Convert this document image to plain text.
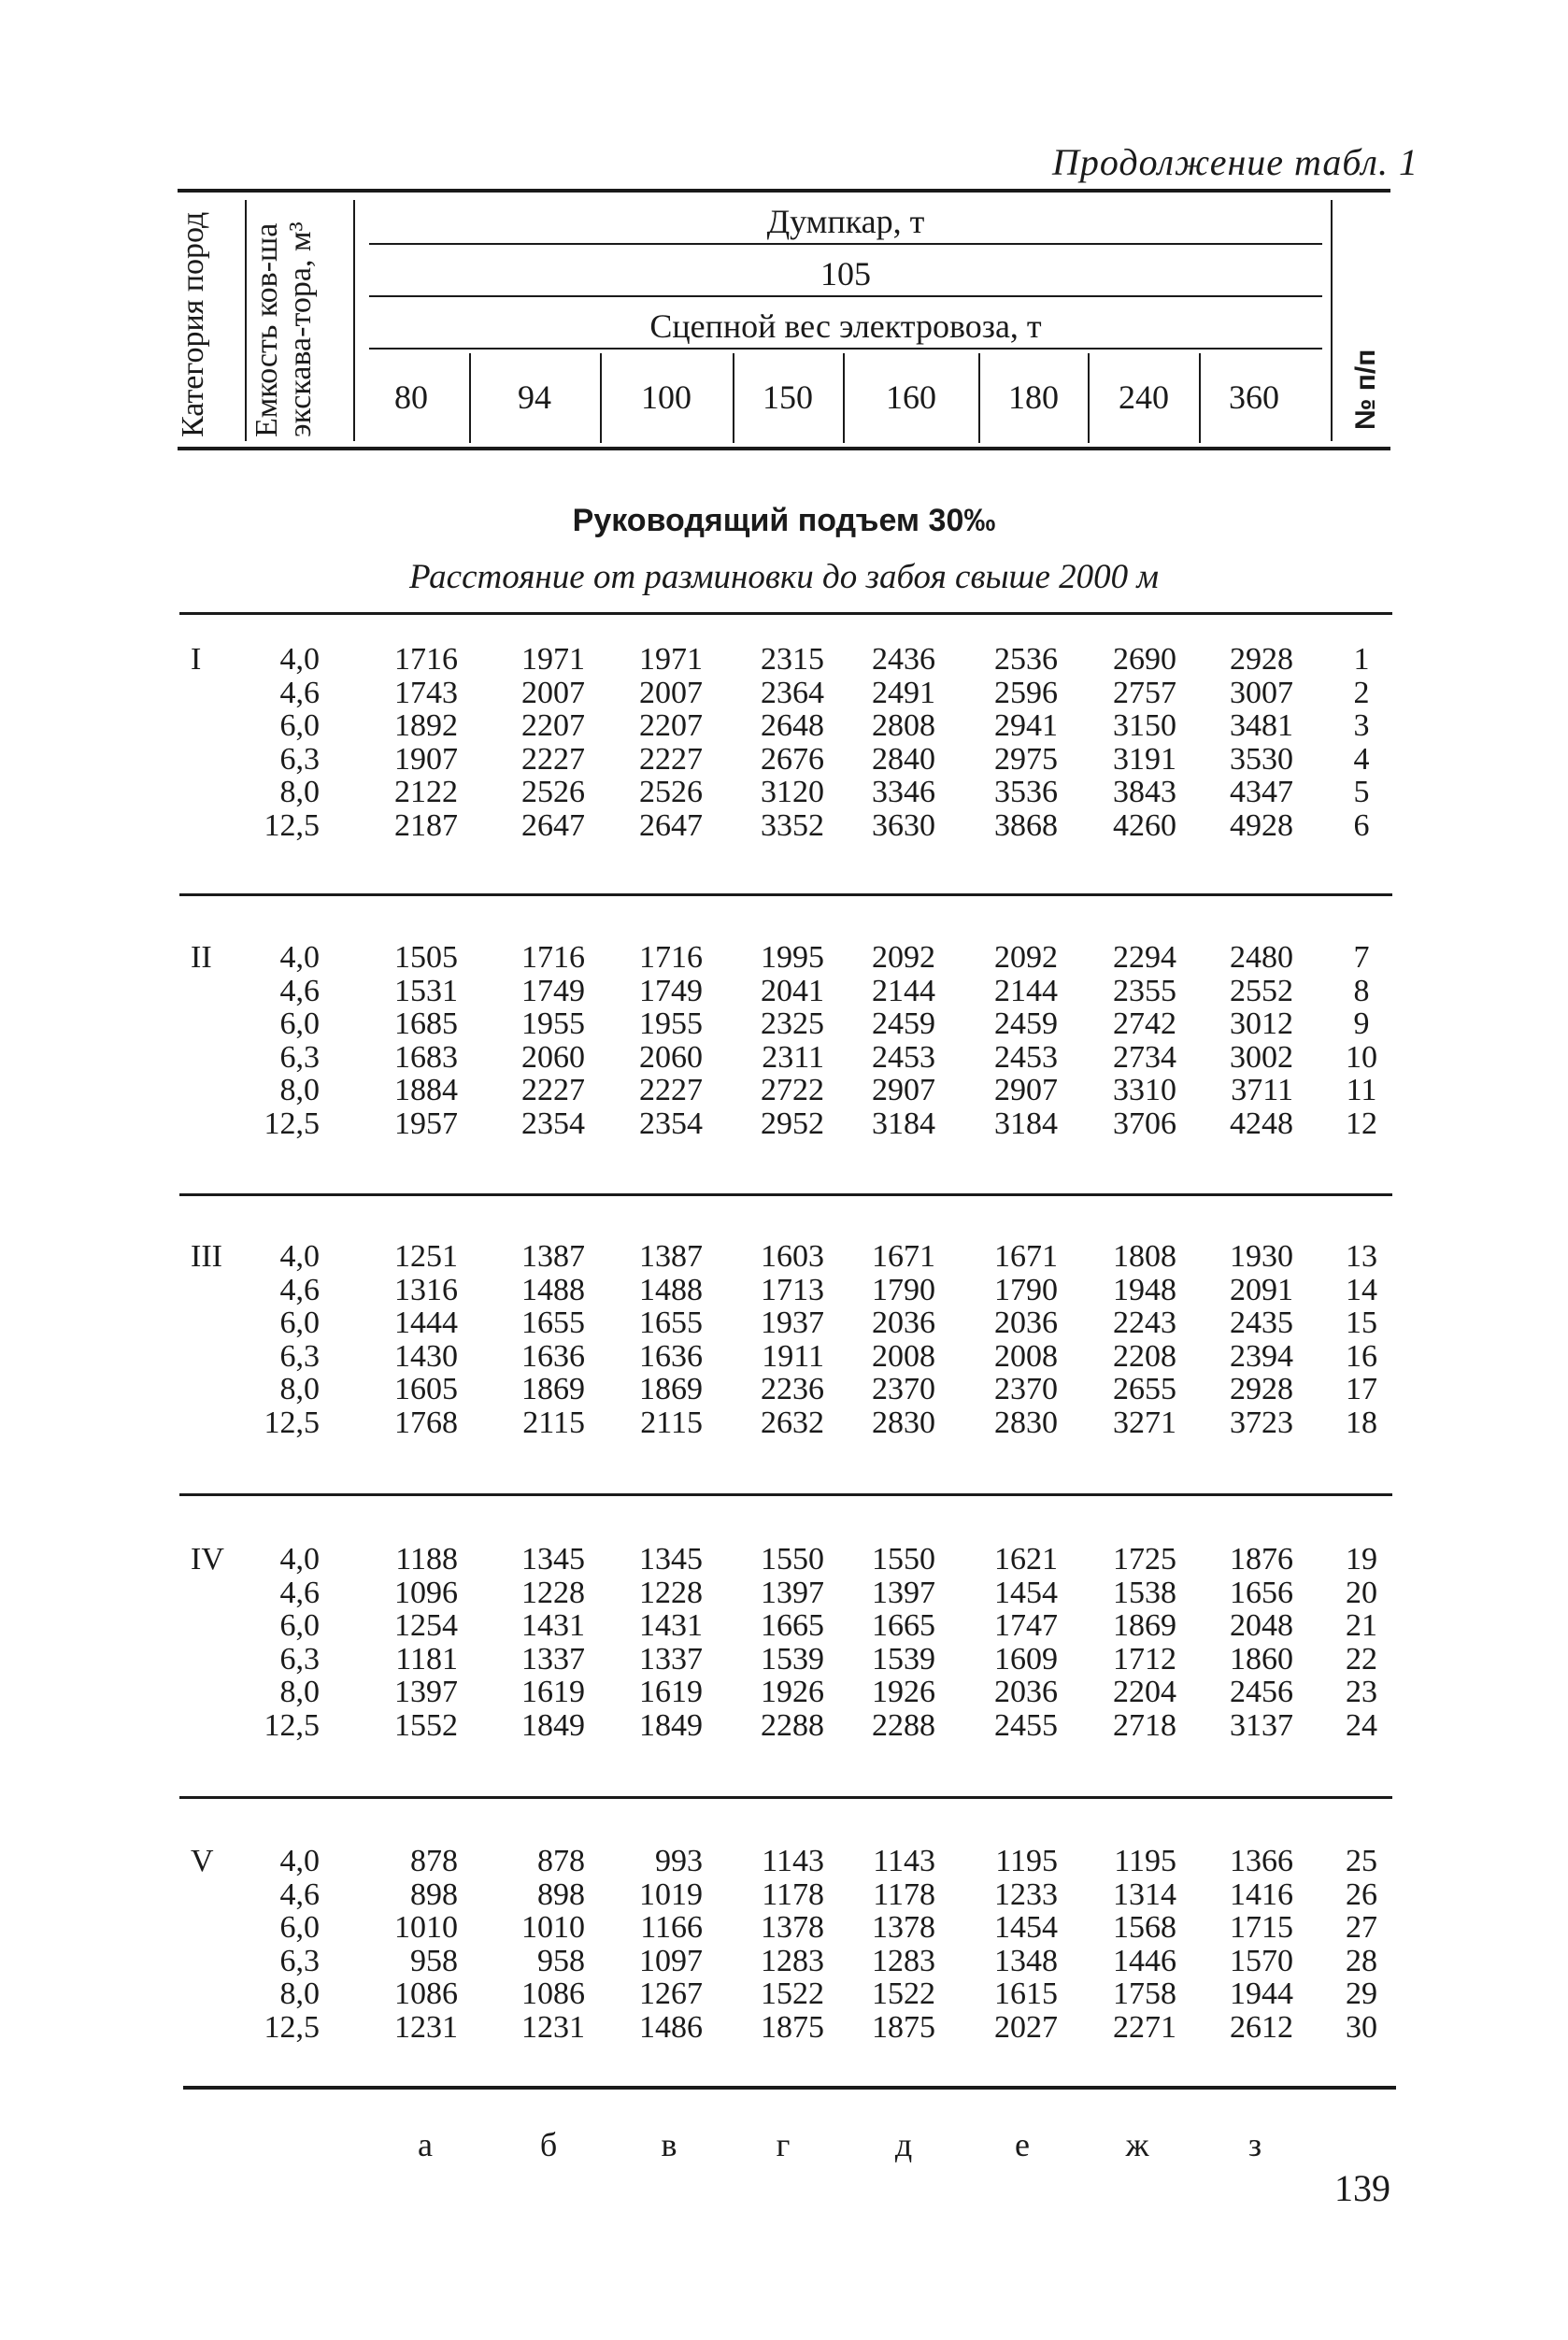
Продолжение табл. 1
Категория пород Емкость ков-ша экскава-тора, м³	№ п/п
Думпкар, т
105
Сцепной вес электровоза, т
80	94	100	150	160	180	240	360
Руководящий подъем 30‰
Расстояние от разминовки до забоя свыше 2000 м
I	4,0	1716	1971	1971	2315	2436	2536	2690	2928	1
4,6	1743	2007	2007	2364	2491	2596	2757	3007	2
6,0	1892	2207	2207	2648	2808	2941	3150	3481	3
6,3	1907	2227	2227	2676	2840	2975	3191	3530	4
8,0	2122	2526	2526	3120	3346	3536	3843	4347	5
12,5	2187	2647	2647	3352	3630	3868	4260	4928	6
II	4,0	1505	1716	1716	1995	2092	2092	2294	2480	7
4,6	1531	1749	1749	2041	2144	2144	2355	2552	8
6,0	1685	1955	1955	2325	2459	2459	2742	3012	9
6,3	1683	2060	2060	2311	2453	2453	2734	3002	10
8,0	1884	2227	2227	2722	2907	2907	3310	3711	11
12,5	1957	2354	2354	2952	3184	3184	3706	4248	12
III	4,0	1251	1387	1387	1603	1671	1671	1808	1930	13
4,6	1316	1488	1488	1713	1790	1790	1948	2091	14
6,0	1444	1655	1655	1937	2036	2036	2243	2435	15
6,3	1430	1636	1636	1911	2008	2008	2208	2394	16
8,0	1605	1869	1869	2236	2370	2370	2655	2928	17
12,5	1768	2115	2115	2632	2830	2830	3271	3723	18
IV	4,0	1188	1345	1345	1550	1550	1621	1725	1876	19
4,6	1096	1228	1228	1397	1397	1454	1538	1656	20
6,0	1254	1431	1431	1665	1665	1747	1869	2048	21
6,3	1181	1337	1337	1539	1539	1609	1712	1860	22
8,0	1397	1619	1619	1926	1926	2036	2204	2456	23
12,5	1552	1849	1849	2288	2288	2455	2718	3137	24
V	4,0	878	878	993	1143	1143	1195	1195	1366	25
4,6	898	898	1019	1178	1178	1233	1314	1416	26
6,0	1010	1010	1166	1378	1378	1454	1568	1715	27
6,3	958	958	1097	1283	1283	1348	1446	1570	28
8,0	1086	1086	1267	1522	1522	1615	1758	1944	29
12,5	1231	1231	1486	1875	1875	2027	2271	2612	30
а	б	в	г	д	е	ж	з
139
